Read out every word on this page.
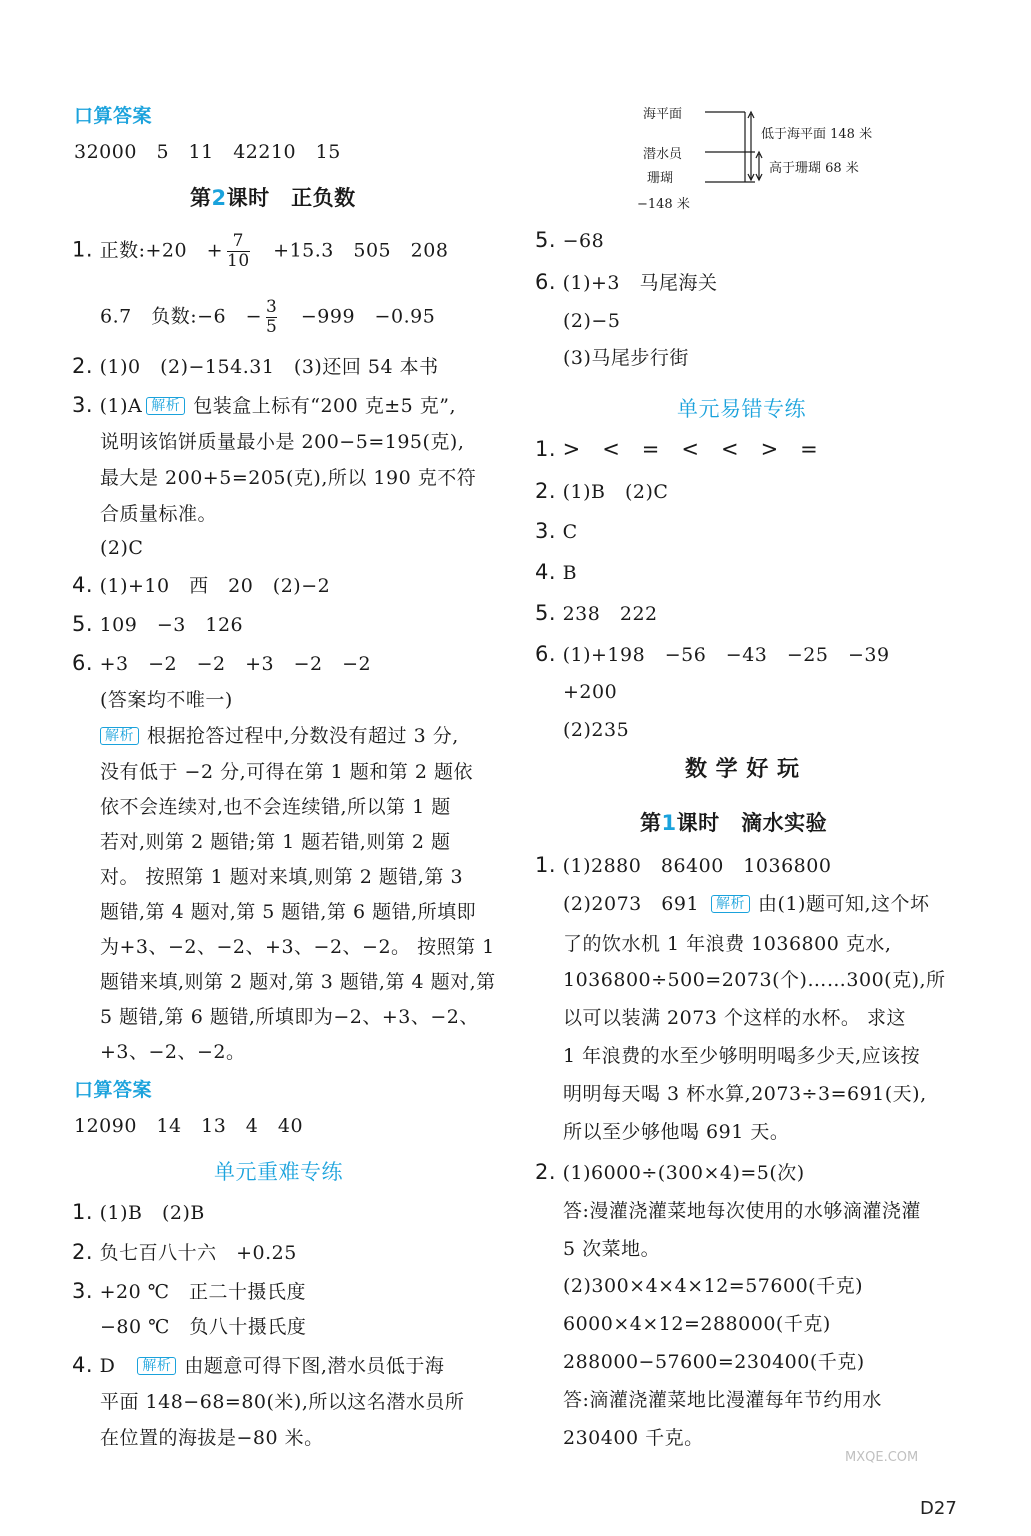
口算答案
32000　5　11　42210　15
第2课时　正负数
1. 正数:+20　+ $\frac{7}{10}$ 　+15.3　505　208
6.7　负数:−6　− $\frac{3}{5}$ 　−999　−0.95
2. (1)0　(2)−154.31　(3)还回 54 本书
3. (1)A 解析 包装盒上标有“200 克±5 克”,
说明该馅饼质量最小是 200−5=195(克),
最大是 200+5=205(克),所以 190 克不符
合质量标准。
(2)C
4. (1)+10　西　20　(2)−2
5. 109　−3　126
6. +3　−2　−2　+3　−2　−2
(答案均不唯一)
解析 根据抢答过程中,分数没有超过 3 分,
没有低于 −2 分,可得在第 1 题和第 2 题依
依不会连续对,也不会连续错,所以第 1 题
若对,则第 2 题错;第 1 题若错,则第 2 题
对。 按照第 1 题对来填,则第 2 题错,第 3
题错,第 4 题对,第 5 题错,第 6 题错,所填即
为+3、−2、−2、+3、−2、−2。 按照第 1
题错来填,则第 2 题对,第 3 题错,第 4 题对,第
5 题错,第 6 题错,所填即为−2、+3、−2、
+3、−2、−2。
口算答案
12090　14　13　4　40
单元重难专练
1. (1)B　(2)B
2. 负七百八十六　+0.25
3. +20 ℃　正二十摄氏度
−80 ℃　负八十摄氏度
4. D 解析 由题意可得下图,潜水员低于海
平面 148−68=80(米),所以这名潜水员所
在位置的海拔是−80 米。
海平面
潜水员
珊瑚
−148 米
低于海平面 148 米
高于珊瑚 68 米
5. −68
6. (1)+3　马尾海关
(2)−5
(3)马尾步行街
单元易错专练
1. >　<　=　<　<　>　=
2. (1)B　(2)C
3. C
4. B
5. 238　222
6. (1)+198　−56　−43　−25　−39
+200
(2)235
数 学 好 玩
第1课时　滴水实验
1. (1)2880　86400　1036800
(2)2073　691 解析 由(1)题可知,这个坏
了的饮水机 1 年浪费 1036800 克水,
1036800÷500=2073(个)……300(克),所
以可以装满 2073 个这样的水杯。 求这
1 年浪费的水至少够明明喝多少天,应该按
明明每天喝 3 杯水算,2073÷3=691(天),
所以至少够他喝 691 天。
2. (1)6000÷(300×4)=5(次)
答:漫灌浇灌菜地每次使用的水够滴灌浇灌
5 次菜地。
(2)300×4×4×12=57600(千克)
6000×4×12=288000(千克)
288000−57600=230400(千克)
答:滴灌浇灌菜地比漫灌每年节约用水
230400 千克。
MXQE.COM
D27
